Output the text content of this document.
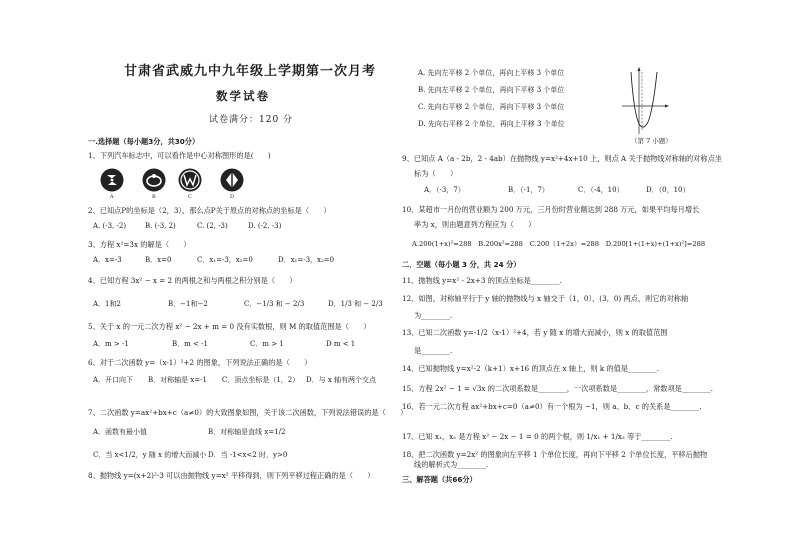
甘肃省武威九中九年级上学期第一次月考
数学试卷
试卷满分：120 分
一.选择题（每小题3分，共30分）
1、下列汽车标志中，可以看作是中心对称图形的是(　　)
A	B	C	D
2、已知点P的坐标是（2，3），那么点P关于原点的对称点的坐标是（　　）
A. (-3, -2)	B. (-3, 2)	C. (2, -3)	D. (-2, -3)
3、方程 x²=3x 的解是（　　）
A．x=-3	B．x=0	C．x₁=-3，x₂=0	D．x₁=-3，x₂=0
4、已知方程 3x² − x = 2 的两根之和与两根之积分别是（　　）
A．1和2	B．−1和−2	C．−1/3 和 − 2/3	D．1/3 和 − 2/3
5、关于 x 的一元二次方程 x² − 2x + m = 0 没有实数根，则 M 的取值范围是（　　）
A．m > -1	B．m < -1	C．m > 1	D m < 1
6、对于二次函数 y=（x-1）²+2 的图象，下列说法正确的是（　　）
A．开口向下 B．对称轴是 x=-1 C．顶点坐标是（1，2） D．与 x 轴有两个交点
7、二次函数 y=ax²+bx+c（a≠0）的大致图象如图，关于该二次函数，下列说法错误的是（　　）
A．函数有最小值	B．对称轴是直线 x=1/2
C．当 x<1/2，y 随 x 的增大而减小 D．当 -1<x<2 时，y>0
8、抛物线 y=(x+2)²-3 可以由抛物线 y=x² 平移得到，则下列平移过程正确的是（　　）
A. 先向左平移 2 个单位，再向上平移 3 个单位
B. 先向左平移 2 个单位，再向下平移 3 个单位
C. 先向右平移 2 个单位，再向下平移 3 个单位
D. 先向右平移 2 个单位，再向上平移 3 个单位
（第 7 小题）
9、已知点 A（a - 2b，2 - 4ab）在抛物线 y=x²+4x+10 上，则点 A 关于抛物线对称轴的对称点坐
标为（　　）
A．（-3，7）	B．（-1，7）	C．（-4，10）	D．（0，10）
10、某超市一月份的营业额为 200 万元，三月份时营业额达到 288 万元，如果平均每月增长
率为 x，则由题意列方程应为（　　）
A.200(1+x)²=288　B.200x²=288　C.200（1+2x）=288　D.200[1+(1+x)+(1+x)²]=288
二．空题（每小题 3 分，共 24 分）
11、抛物线 y=x² - 2x+3 的顶点坐标是________.
12、如图，对称轴平行于 y 轴的抛物线与 x 轴交于（1，0），(3，0) 两点，则它的对称轴
为________.
13、已知二次函数 y=-1/2（x-1）²+4，若 y 随 x 的增大而减小，则 x 的取值范围
是________.
14、已知抛物线 y=x²-2（k+1）x+16 的顶点在 x 轴上，则 k 的值是________.
15、方程 2x² − 1 = √3x 的二次项系数是________，一次项系数是________，常数项是________.
16、若一元二次方程 ax²+bx+c=0（a≠0）有一个根为 −1，则 a、b、c 的关系是________.
17、已知 x₁，x₂ 是方程 x² − 2x − 1 = 0 的两个根，则 1/x₁ + 1/x₂ 等于________.
18、把二次函数 y=2x² 的图象向左平移 1 个单位长度，再向下平移 2 个单位长度，平移后抛物
线的解析式为________.
三、解答题（共66分）
